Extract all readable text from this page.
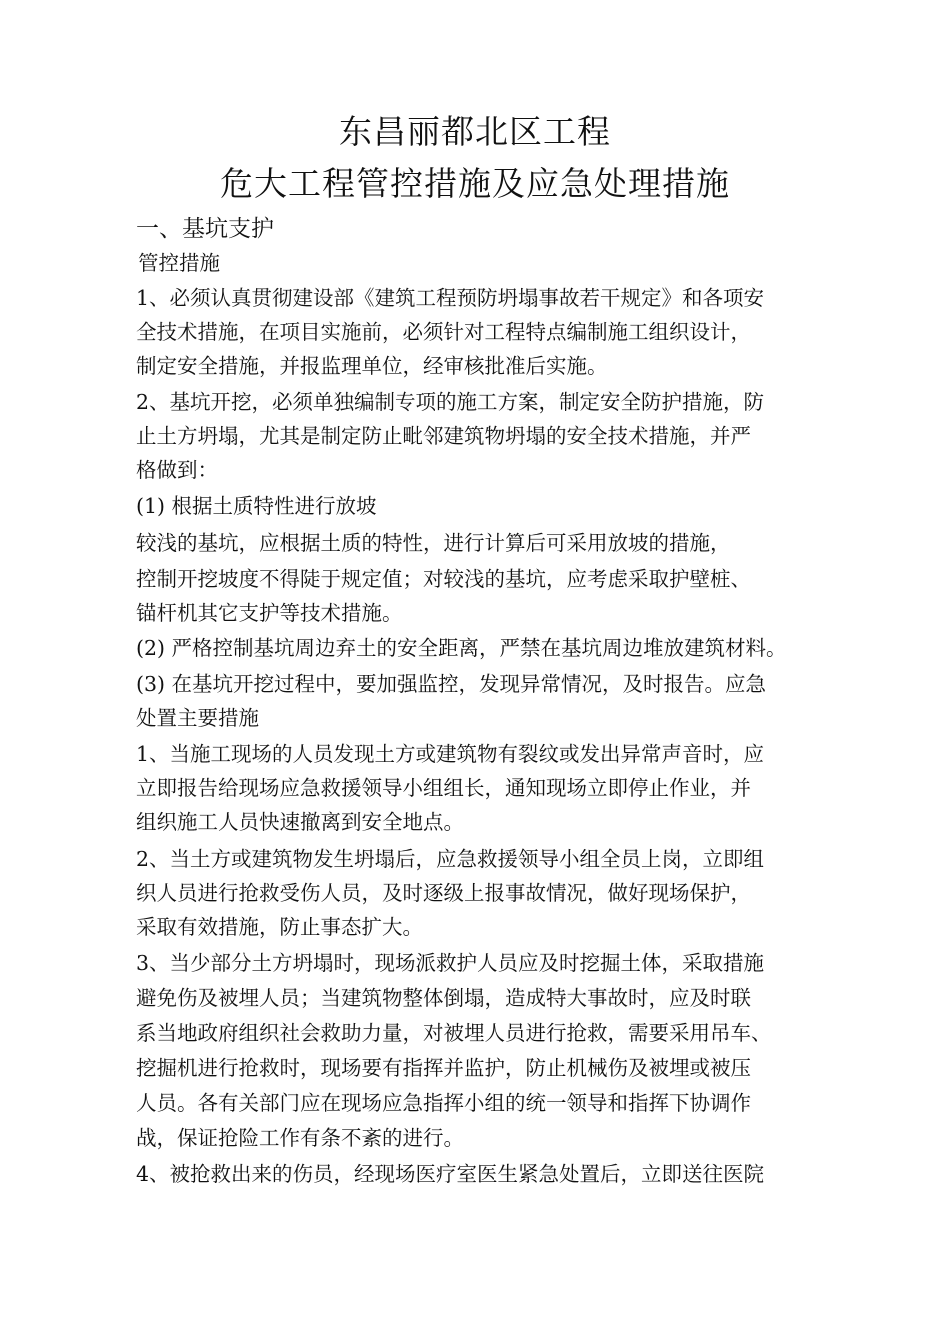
东昌丽都北区工程
危大工程管控措施及应急处理措施
一、基坑支护
管控措施
1、必须认真贯彻建设部《建筑工程预防坍塌事故若干规定》和各项安
全技术措施，在项目实施前，必须针对工程特点编制施工组织设计，
制定安全措施，并报监理单位，经审核批准后实施。
2、基坑开挖，必须单独编制专项的施工方案，制定安全防护措施，防
止土方坍塌，尤其是制定防止毗邻建筑物坍塌的安全技术措施，并严
格做到：
(1) 根据土质特性进行放坡
较浅的基坑，应根据土质的特性，进行计算后可采用放坡的措施，
控制开挖坡度不得陡于规定值；对较浅的基坑，应考虑采取护壁桩、
锚杆机其它支护等技术措施。
(2) 严格控制基坑周边弃土的安全距离，严禁在基坑周边堆放建筑材料。
(3) 在基坑开挖过程中，要加强监控，发现异常情况，及时报告。应急
处置主要措施
1、当施工现场的人员发现土方或建筑物有裂纹或发出异常声音时，应
立即报告给现场应急救援领导小组组长，通知现场立即停止作业，并
组织施工人员快速撤离到安全地点。
2、当土方或建筑物发生坍塌后，应急救援领导小组全员上岗，立即组
织人员进行抢救受伤人员，及时逐级上报事故情况，做好现场保护，
采取有效措施，防止事态扩大。
3、当少部分土方坍塌时，现场派救护人员应及时挖掘土体，采取措施
避免伤及被埋人员；当建筑物整体倒塌，造成特大事故时，应及时联
系当地政府组织社会救助力量，对被埋人员进行抢救，需要采用吊车、
挖掘机进行抢救时，现场要有指挥并监护，防止机械伤及被埋或被压
人员。各有关部门应在现场应急指挥小组的统一领导和指挥下协调作
战，保证抢险工作有条不紊的进行。
4、被抢救出来的伤员，经现场医疗室医生紧急处置后，立即送往医院
